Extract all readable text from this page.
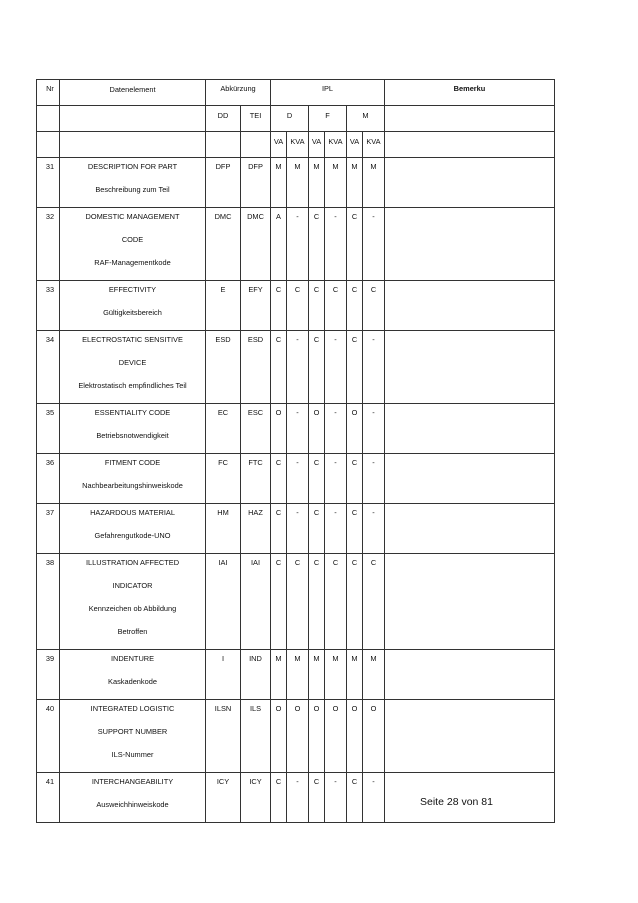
Nr	Datenelement	Abkürzung		IPL						Bemerku
		DD	TEI	D		F		M		
				VA	KVA	VA	KVA	VA	KVA	
31	DESCRIPTION FOR PART
Beschreibung zum Teil	DFP	DFP	M	M	M	M	M	M	
32	DOMESTIC MANAGEMENT
CODE
RAF-Managementkode	DMC	DMC	A	-	C	-	C	-	
33	EFFECTIVITY
Gültigkeitsbereich	E	EFY	C	C	C	C	C	C	
34	ELECTROSTATIC SENSITIVE
DEVICE
Elektrostatisch empfindliches Teil	ESD	ESD	C	-	C	-	C	-	
35	ESSENTIALITY CODE
Betriebsnotwendigkeit	EC	ESC	O	-	O	-	O	-	
36	FITMENT CODE
Nachbearbeitungshinweiskode	FC	FTC	C	-	C	-	C	-	
37	HAZARDOUS MATERIAL
Gefahrengutkode-UNO	HM	HAZ	C	-	C	-	C	-	
38	ILLUSTRATION AFFECTED
INDICATOR
Kennzeichen ob Abbildung
Betroffen	IAI	IAI	C	C	C	C	C	C	
39	INDENTURE
Kaskadenkode	I	IND	M	M	M	M	M	M	
40	INTEGRATED LOGISTIC
SUPPORT NUMBER
ILS-Nummer	ILSN	ILS	O	O	O	O	O	O	
41	INTERCHANGEABILITY
Ausweichhinweiskode	ICY	ICY	C	-	C	-	C	-	
Seite 28 von 81
